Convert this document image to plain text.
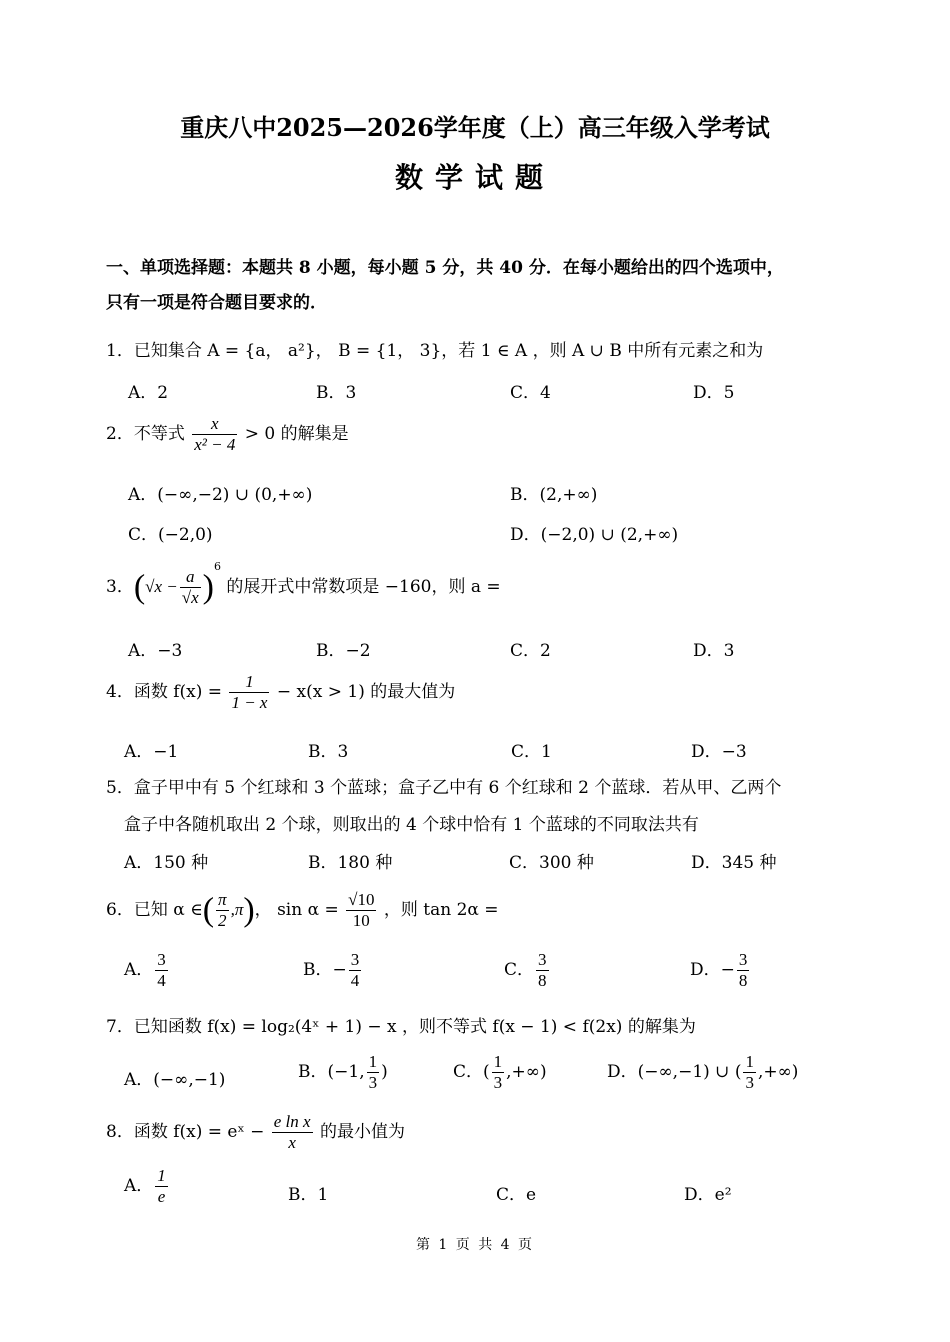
重庆八中2025—2026学年度（上）高三年级入学考试
数学试题
一、单项选择题：本题共 8 小题，每小题 5 分，共 40 分．在每小题给出的四个选项中，
只有一项是符合题目要求的．
1．已知集合 A = {a， a²}， B = {1， 3}，若 1 ∈ A ，则 A ∪ B 中所有元素之和为
A．2	B．3	C．4	D．5
2．不等式 $\frac{x}{\text{x² − 4}} > 0$ 的解集是
A．(−∞,−2) ∪ (0,+∞)	B．(2,+∞)
C．(−2,0)	D．(−2,0) ∪ (2,+∞)
3．$(√x - \frac{a}{√x} )^6$ 的展开式中常数项是 −160，则 a =
A．−3	B．−2	C．2	D．3
4．函数 $f(x) = \frac{1}{1 - x} - x(x > 1)$ 的最大值为
A．−1	B．3	C．1	D．−3
5．盒子甲中有 5 个红球和 3 个蓝球；盒子乙中有 6 个红球和 2 个蓝球．若从甲、乙两个
盒子中各随机取出 2 个球，则取出的 4 个球中恰有 1 个蓝球的不同取法共有
A．150 种	B．180 种	C．300 种	D．345 种
6．已知 α ∈( $\frac{\pi}{2} ,\pi$)， $\sin \alpha = \frac{√10}{10}$ ，则 tan 2α =
A． $\frac{3}{4}$	B．− $\frac{3}{4}$	C． $\frac{3}{8}$	D．− $\frac{3}{8}$
7．已知函数 f(x) = log₂(4ˣ + 1) − x ，则不等式 f(x − 1) < f(2x) 的解集为
A．(−∞,−1)	B．(−1, $\frac{1}{3}$ )	C．( $\frac{1}{3}$ ,+∞)	D．(−∞,−1) ∪ ( $\frac{1}{3}$ ,+∞)
8．函数 f(x) = eˣ − $\frac{\text{e ln x}}{x}$ 的最小值为
A． $\frac{1}{e}$	B．1	C．e	D．e²
第 1 页 共 4 页
